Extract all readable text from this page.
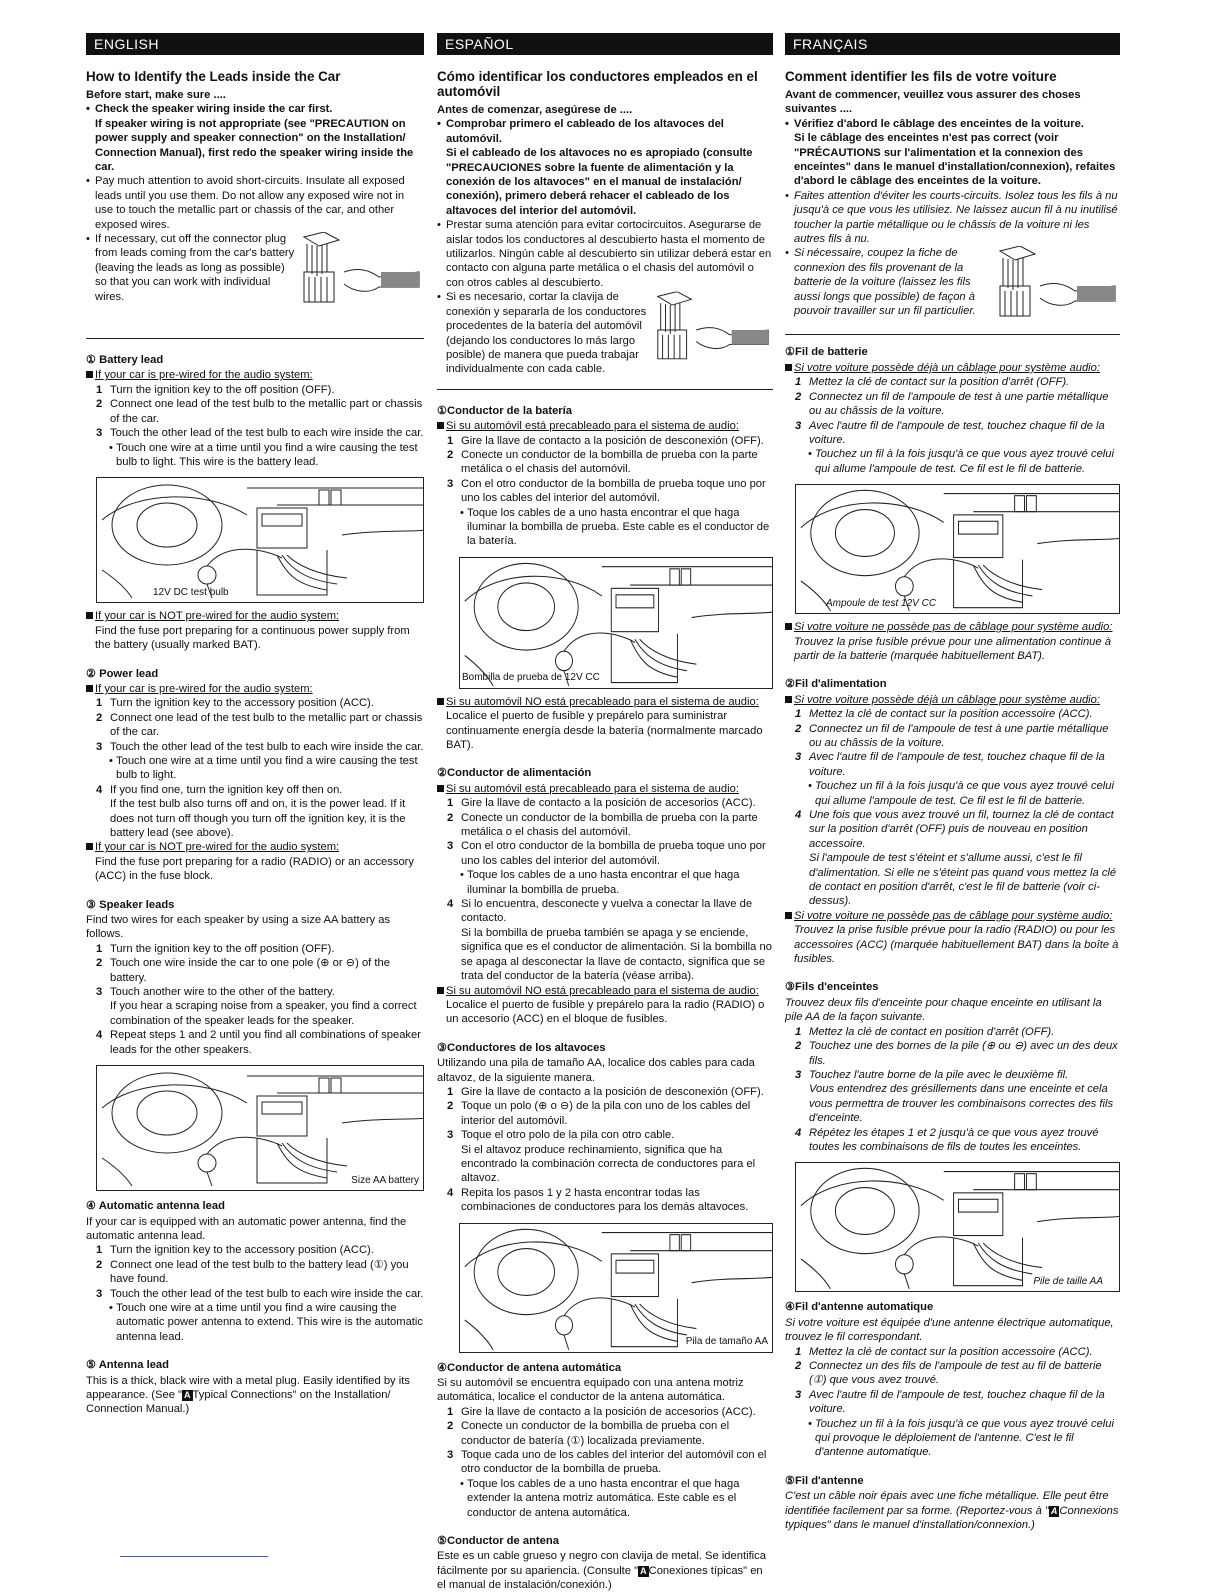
ENGLISH
How to Identify the Leads inside the Car

Before start, make sure ....

• Check the speaker wiring inside the car first.
If speaker wiring is not appropriate (see "PRECAUTION on power supply and speaker connection" on the Installation/ Connection Manual), first redo the speaker wiring inside the car.
• Pay much attention to avoid short-circuits. Insulate all exposed leads until you use them. Do not allow any exposed wire not in use to touch the metallic part or chassis of the car, and other exposed wires.
• If necessary, cut off the connector plug from leads coming from the car's battery (leaving the leads as long as possible) so that you can work with individual wires.
① Battery lead
If your car is pre-wired for the audio system:
1 Turn the ignition key to the off position (OFF).
2 Connect one lead of the test bulb to the metallic part or chassis of the car.
3 Touch the other lead of the test bulb to each wire inside the car.
• Touch one wire at a time until you find a wire causing the test bulb to light. This wire is the battery lead.
12V DC test bulb
If your car is NOT pre-wired for the audio system:
Find the fuse port preparing for a continuous power supply from the battery (usually marked BAT).
② Power lead
If your car is pre-wired for the audio system:
1 Turn the ignition key to the accessory position (ACC).
2 Connect one lead of the test bulb to the metallic part or chassis of the car.
3 Touch the other lead of the test bulb to each wire inside the car.
• Touch one wire at a time until you find a wire causing the test bulb to light.
4 If you find one, turn the ignition key off then on.
If the test bulb also turns off and on, it is the power lead. If it does not turn off though you turn off the ignition key, it is the battery lead (see above).
If your car is NOT pre-wired for the audio system:
Find the fuse port preparing for a radio (RADIO) or an accessory (ACC) in the fuse block.
③ Speaker leads
Find two wires for each speaker by using a size AA battery as follows.
1 Turn the ignition key to the off position (OFF).
2 Touch one wire inside the car to one pole (⊕ or ⊖) of the battery.
3 Touch another wire to the other of the battery.
If you hear a scraping noise from a speaker, you find a correct combination of the speaker leads for the speaker.
4 Repeat steps 1 and 2 until you find all combinations of speaker leads for the other speakers.
Size AA battery
④ Automatic antenna lead
If your car is equipped with an automatic power antenna, find the automatic antenna lead.
1 Turn the ignition key to the accessory position (ACC).
2 Connect one lead of the test bulb to the battery lead (①) you have found.
3 Touch the other lead of the test bulb to each wire inside the car.
• Touch one wire at a time until you find a wire causing the automatic power antenna to extend. This wire is the automatic antenna lead.
⑤ Antenna lead
This is a thick, black wire with a metal plug. Easily identified by its appearance. (See " A Typical Connections" on the Installation/ Connection Manual.)
ESPAÑOL
Cómo identificar los conductores empleados en el automóvil

Antes de comenzar, asegúrese de ....

• Comprobar primero el cableado de los altavoces del automóvil.
Si el cableado de los altavoces no es apropiado (consulte "PRECAUCIONES sobre la fuente de alimentación y la conexión de los altavoces" en el manual de instalación/ conexión), primero deberá rehacer el cableado de los altavoces del interior del automóvil.
• Prestar suma atención para evitar cortocircuitos. Asegurarse de aislar todos los conductores al descubierto hasta el momento de utilizarlos. Ningún cable al descubierto sin utilizar deberá estar en contacto con alguna parte metálica o el chasis del automóvil o con otros cables al descubierto.
• Si es necesario, cortar la clavija de conexión y separarla de los conductores procedentes de la batería del automóvil (dejando los conductores lo más largo posible) de manera que pueda trabajar individualmente con cada cable.
①Conductor de la batería
Si su automóvil está precableado para el sistema de audio:
1 Gire la llave de contacto a la posición de desconexión (OFF).
2 Conecte un conductor de la bombilla de prueba con la parte metálica o el chasis del automóvil.
3 Con el otro conductor de la bombilla de prueba toque uno por uno los cables del interior del automóvil.
• Toque los cables de a uno hasta encontrar el que haga iluminar la bombilla de prueba. Este cable es el conductor de la batería.
Bombilla de prueba de 12V CC
Si su automóvil NO está precableado para el sistema de audio:
Localice el puerto de fusible y prepárelo para suministrar continuamente energía desde la batería (normalmente marcado BAT).
②Conductor de alimentación
Si su automóvil está precableado para el sistema de audio:
1 Gire la llave de contacto a la posición de accesorios (ACC).
2 Conecte un conductor de la bombilla de prueba con la parte metálica o el chasis del automóvil.
3 Con el otro conductor de la bombilla de prueba toque uno por uno los cables del interior del automóvil.
• Toque los cables de a uno hasta encontrar el que haga iluminar la bombilla de prueba.
4 Si lo encuentra, desconecte y vuelva a conectar la llave de contacto.
Si la bombilla de prueba también se apaga y se enciende, significa que es el conductor de alimentación. Si la bombilla no se apaga al desconectar la llave de contacto, significa que se trata del conductor de la batería (véase arriba).
Si su automóvil NO está precableado para el sistema de audio:
Localice el puerto de fusible y prepárelo para la radio (RADIO) o un accesorio (ACC) en el bloque de fusibles.
③Conductores de los altavoces
Utilizando una pila de tamaño AA, localice dos cables para cada altavoz, de la siguiente manera.
1 Gire la llave de contacto a la posición de desconexión (OFF).
2 Toque un polo (⊕ o ⊖) de la pila con uno de los cables del interior del automóvil.
3 Toque el otro polo de la pila con otro cable.
Si el altavoz produce rechinamiento, significa que ha encontrado la combinación correcta de conductores para el altavoz.
4 Repita los pasos 1 y 2 hasta encontrar todas las combinaciones de conductores para los demás altavoces.
Pila de tamaño AA
④Conductor de antena automática
Si su automóvil se encuentra equipado con una antena motriz automática, localice el conductor de la antena automática.
1 Gire la llave de contacto a la posición de accesorios (ACC).
2 Conecte un conductor de la bombilla de prueba con el conductor de batería (①) localizada previamente.
3 Toque cada uno de los cables del interior del automóvil con el otro conductor de la bombilla de prueba.
• Toque los cables de a uno hasta encontrar el que haga extender la antena motriz automática. Este cable es el conductor de antena automática.
⑤Conductor de antena
Este es un cable grueso y negro con clavija de metal. Se identifica fácilmente por su apariencia. (Consulte " A Conexiones típicas" en el manual de instalación/conexión.)
FRANÇAIS
Comment identifier les fils de votre voiture

Avant de commencer, veuillez vous assurer des choses suivantes ....

• Vérifiez d'abord le câblage des enceintes de la voiture.
Si le câblage des enceintes n'est pas correct (voir "PRÉCAUTIONS sur l'alimentation et la connexion des enceintes" dans le manuel d'installation/connexion), refaites d'abord le câblage des enceintes de la voiture.
• Faites attention d'éviter les courts-circuits. Isolez tous les fils à nu jusqu'à ce que vous les utilisiez. Ne laissez aucun fil à nu inutilisé toucher la partie métallique ou le châssis de la voiture ni les autres fils à nu.
• Si nécessaire, coupez la fiche de connexion des fils provenant de la batterie de la voiture (laissez les fils aussi longs que possible) de façon à pouvoir travailler sur un fil particulier.
①Fil de batterie
Si votre voiture possède déjà un câblage pour système audio:
1 Mettez la clé de contact sur la position d'arrêt (OFF).
2 Connectez un fil de l'ampoule de test à une partie métallique ou au châssis de la voiture.
3 Avec l'autre fil de l'ampoule de test, touchez chaque fil de la voiture.
• Touchez un fil à la fois jusqu'à ce que vous ayez trouvé celui qui allume l'ampoule de test. Ce fil est le fil de batterie.
Ampoule de test 12V CC
Si votre voiture ne possède pas de câblage pour système audio:
Trouvez la prise fusible prévue pour une alimentation continue à partir de la batterie (marquée habituellement BAT).
②Fil d'alimentation
Si votre voiture possède déjà un câblage pour système audio:
1 Mettez la clé de contact sur la position accessoire (ACC).
2 Connectez un fil de l'ampoule de test à une partie métallique ou au châssis de la voiture.
3 Avec l'autre fil de l'ampoule de test, touchez chaque fil de la voiture.
• Touchez un fil à la fois jusqu'à ce que vous ayez trouvé celui qui allume l'ampoule de test. Ce fil est le fil de batterie.
4 Une fois que vous avez trouvé un fil, tournez la clé de contact sur la position d'arrêt (OFF) puis de nouveau en position accessoire.
Si l'ampoule de test s'éteint et s'allume aussi, c'est le fil d'alimentation. Si elle ne s'éteint pas quand vous mettez la clé de contact en position d'arrêt, c'est le fil de batterie (voir ci-dessus).
Si votre voiture ne possède pas de câblage pour système audio:
Trouvez la prise fusible prévue pour la radio (RADIO) ou pour les accessoires (ACC) (marquée habituellement BAT) dans la boîte à fusibles.
③Fils d'enceintes
Trouvez deux fils d'enceinte pour chaque enceinte en utilisant la pile AA de la façon suivante.
1 Mettez la clé de contact en position d'arrêt (OFF).
2 Touchez une des bornes de la pile (⊕ ou ⊖) avec un des deux fils.
3 Touchez l'autre borne de la pile avec le deuxième fil.
Vous entendrez des grésillements dans une enceinte et cela vous permettra de trouver les combinaisons correctes des fils d'enceinte.
4 Répétez les étapes 1 et 2 jusqu'à ce que vous ayez trouvé toutes les combinaisons de fils de toutes les enceintes.
Pile de taille AA
④Fil d'antenne automatique
Si votre voiture est équipée d'une antenne électrique automatique, trouvez le fil correspondant.
1 Mettez la clé de contact sur la position accessoire (ACC).
2 Connectez un des fils de l'ampoule de test au fil de batterie (①) que vous avez trouvé.
3 Avec l'autre fil de l'ampoule de test, touchez chaque fil de la voiture.
• Touchez un fil à la fois jusqu'à ce que vous ayez trouvé celui qui provoque le déploiement de l'antenne. C'est le fil d'antenne automatique.
⑤Fil d'antenne
C'est un câble noir épais avec une fiche métallique. Elle peut être identifiée facilement par sa forme. (Reportez-vous à " A Connexions typiques" dans le manuel d'installation/connexion.)
